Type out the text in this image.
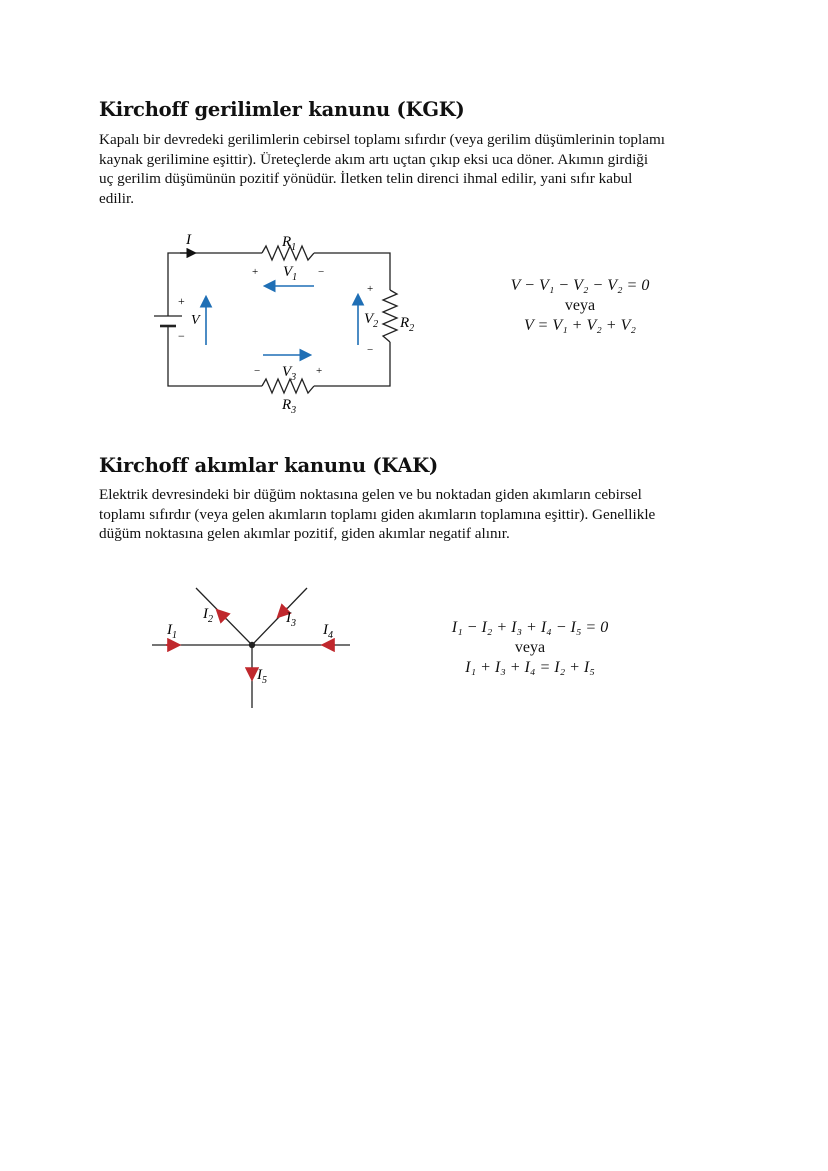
Kirchoff gerilimler kanunu (KGK)
Kapalı bir devredeki gerilimlerin cebirsel toplamı sıfırdır (veya gerilim düşümlerinin toplamı
kaynak gerilimine eşittir). Üreteçlerde akım artı uçtan çıkıp eksi uca döner. Akımın girdiği
uç gerilim düşümünün pozitif yönüdür. İletken telin direnci ihmal edilir, yani sıfır kabul
edilir.
I	$R_1$
+ $V_1$ −
+
−
V
+
$V_2$
−
$R_2$
− $V_3$
+
$R_3$
V − V₁ − V₂ − V₂ = 0
veya
V = V₁ + V₂ + V₂
Kirchoff akımlar kanunu (KAK)
Elektrik devresindeki bir düğüm noktasına gelen ve bu noktadan giden akımların cebirsel
toplamı sıfırdır (veya gelen akımların toplamı giden akımların toplamına eşittir). Genellikle
düğüm noktasına gelen akımlar pozitif, giden akımlar negatif alınır.
$I_1$
$I_2$	$I_3$ $I_4$
$I_5$
I₁ − I₂ + I₃ + I₄ − I₅ = 0
veya
I₁ + I₃ + I₄ = I₂ + I₅
